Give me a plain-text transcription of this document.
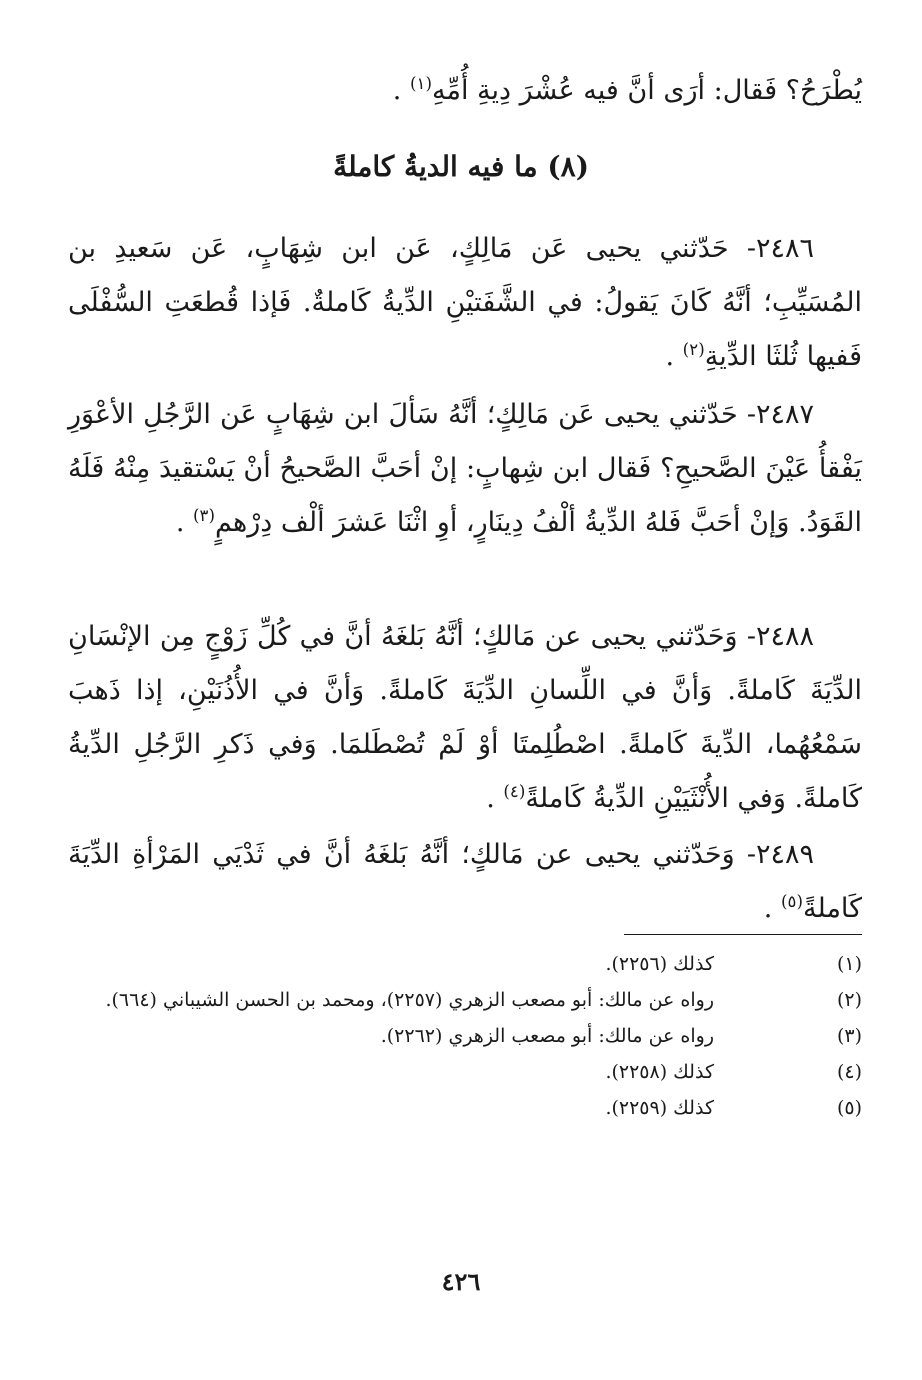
يُطْرَحُ؟ فَقال: أرَى أنَّ فيه عُشْرَ دِيةِ أُمِّهِ$^{(١)}$ .
(٨) ما فيه الديةُ كاملةً
٢٤٨٦- حَدّثني يحيى عَن مَالِكٍ، عَن ابن شِهَابٍ، عَن سَعيدِ بن المُسَيِّبِ؛ أنَّهُ كَانَ يَقولُ: في الشَّفَتيْنِ الدِّيةُ كَاملةٌ. فَإذا قُطعَتِ السُّفْلَى فَفيها ثُلثَا الدِّيةِ$^{(٢)}$ .
٢٤٨٧- حَدّثني يحيى عَن مَالِكٍ؛ أنَّهُ سَألَ ابن شِهَابٍ عَن الرَّجُلِ الأعْوَرِ يَفْقأُ عَيْنَ الصَّحيحِ؟ فَقال ابن شِهابٍ: إنْ أحَبَّ الصَّحيحُ أنْ يَسْتقيدَ مِنْهُ فَلَهُ القَوَدُ. وَإنْ أحَبَّ فَلهُ الدِّيةُ ألْفُ دِينَارٍ، أوِ اثْنَا عَشرَ ألْف دِرْهمٍ$^{(٣)}$ .
٢٤٨٨- وَحَدّثني يحيى عن مَالكٍ؛ أنَّهُ بَلغَهُ أنَّ في كُلِّ زَوْجٍ مِن الإنْسَانِ الدِّيَةَ كَاملةً. وَأنَّ في اللِّسانِ الدِّيَةَ كَاملةً. وَأنَّ في الأُذُنَيْنِ، إذا ذَهبَ سَمْعُهُما، الدِّيةَ كَاملةً. اصْطُلِمتَا أوْ لَمْ تُصْطَلمَا. وَفي ذَكرِ الرَّجُلِ الدِّيةُ كَاملةً. وَفي الأُنْثَيَيْنِ الدِّيةُ كَاملةً$^{(٤)}$ .
٢٤٨٩- وَحَدّثني يحيى عن مَالكٍ؛ أنَّهُ بَلغَهُ أنَّ في ثَدْيَي المَرْأةِ الدِّيَةَ كَاملةً$^{(٥)}$ .
(١)
كذلك (٢٢٥٦).
(٢)
رواه عن مالك: أبو مصعب الزهري (٢٢٥٧)، ومحمد بن الحسن الشيباني (٦٦٤).
(٣)
رواه عن مالك: أبو مصعب الزهري (٢٢٦٢).
(٤)
كذلك (٢٢٥٨).
(٥)
كذلك (٢٢٥٩).
٤٢٦
